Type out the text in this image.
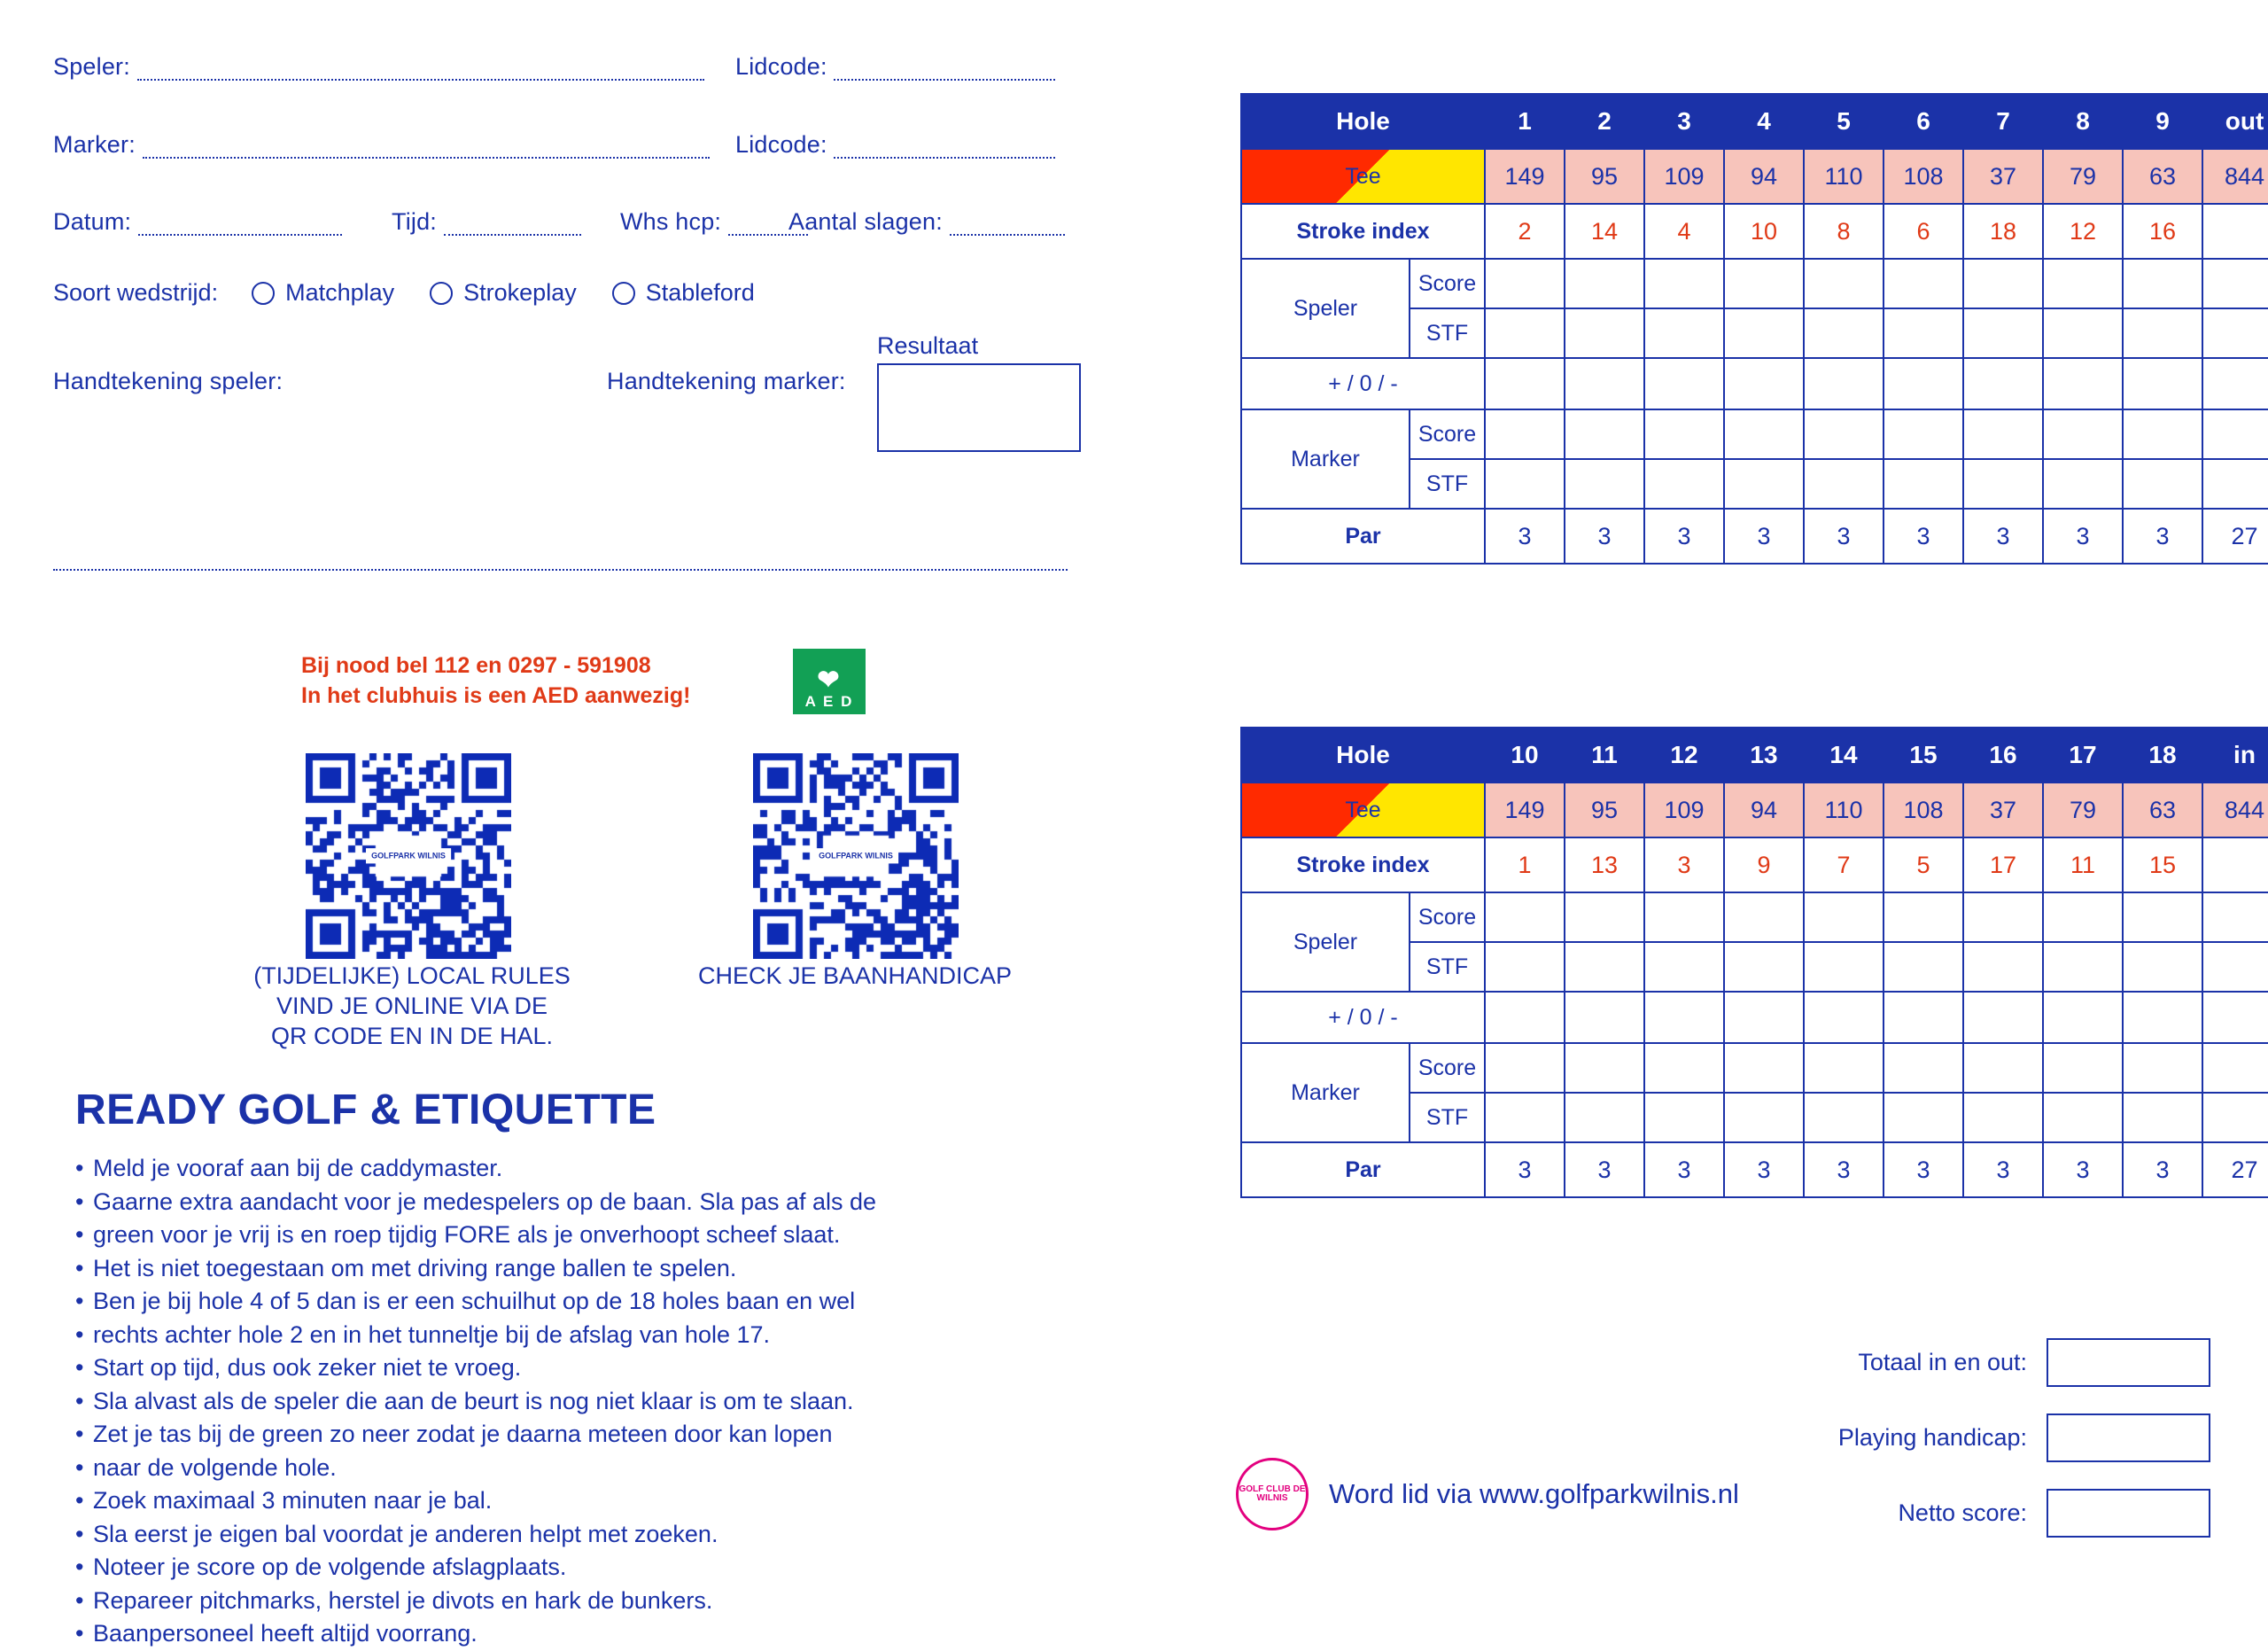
Speler:	Lidcode:
Marker:	Lidcode:
Datum:	Tijd:	Whs hcp:	Aantal slagen:
Soort wedstrijd:	Matchplay	Strokeplay	Stableford
Resultaat
Handtekening speler:	Handtekening marker:
Bij nood bel 112 en 0297 - 591908
In het clubhuis is een AED aanwezig!
❤
A E D
GOLFPARK WILNIS	GOLFPARK WILNIS
(TIJDELIJKE) LOCAL RULES
VIND JE ONLINE VIA DE
QR CODE EN IN DE HAL.
CHECK JE BAANHANDICAP
READY GOLF & ETIQUETTE
• Meld je vooraf aan bij de caddymaster.
• Gaarne extra aandacht voor je medespelers op de baan. Sla pas af als de
• green voor je vrij is en roep tijdig FORE als je onverhoopt scheef slaat.
• Het is niet toegestaan om met driving range ballen te spelen.
• Ben je bij hole 4 of 5 dan is er een schuilhut op de 18 holes baan en wel
• rechts achter hole 2 en in het tunneltje bij de afslag van hole 17.
• Start op tijd, dus ook zeker niet te vroeg.
• Sla alvast als de speler die aan de beurt is nog niet klaar is om te slaan.
• Zet je tas bij de green zo neer zodat je daarna meteen door kan lopen
• naar de volgende hole.
• Zoek maximaal 3 minuten naar je bal.
• Sla eerst je eigen bal voordat je anderen helpt met zoeken.
• Noteer je score op de volgende afslagplaats.
• Repareer pitchmarks, herstel je divots en hark de bunkers.
• Baanpersoneel heeft altijd voorrang.
Hole		1	2	3	4	5	6	7	8	9	out
Tee		149	95	109	94	110	108	37	79	63	844
Stroke index		2	14	4	10	8	6	18	12	16	
Speler	Score										
	STF										
+ / 0 / -											
Marker	Score										
	STF										
Par		3	3	3	3	3	3	3	3	3	27
Hole		10	11	12	13	14	15	16	17	18	in
Tee		149	95	109	94	110	108	37	79	63	844
Stroke index		1	13	3	9	7	5	17	11	15	
Speler	Score										
	STF										
+ / 0 / -											
Marker	Score										
	STF										
Par		3	3	3	3	3	3	3	3	3	27
Totaal in en out:
Playing handicap:
Netto score:
GOLF CLUB DE WILNIS	Word lid via www.golfparkwilnis.nl
